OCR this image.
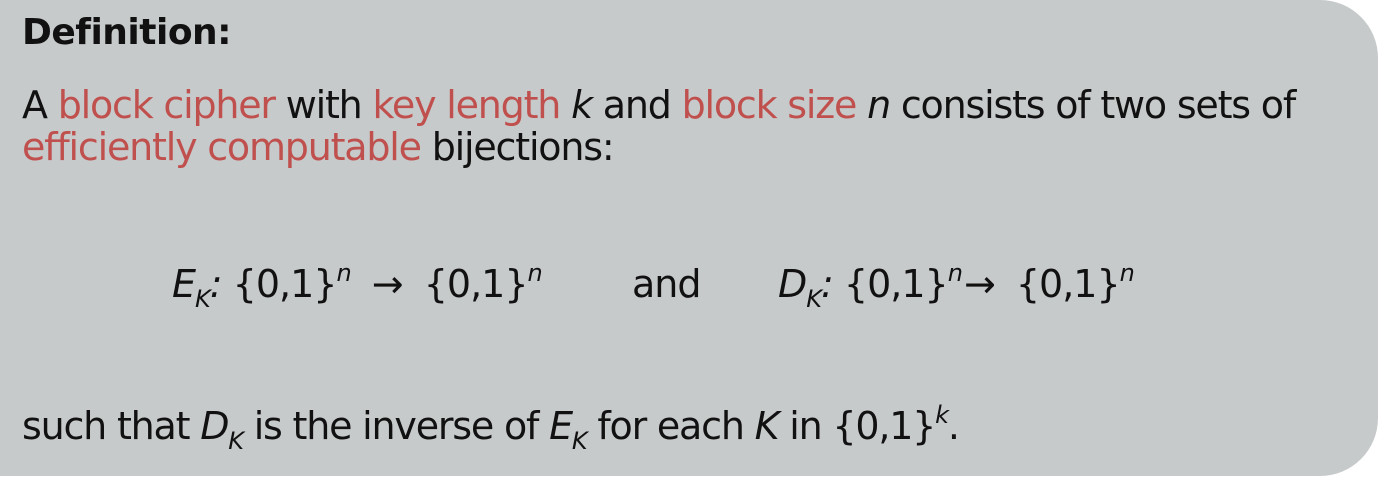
Definition:
A block cipher with key length k and block size n consists of two sets of
efficiently computable bijections:
$E_K$: $\{0,1\}^n \to \{0,1\}^n$ and $D_K$: $\{0,1\}^n\to \{0,1\}^n$
such that $D_K$ is the inverse of $E_K$ for each K in $\{0,1\}^k$.
